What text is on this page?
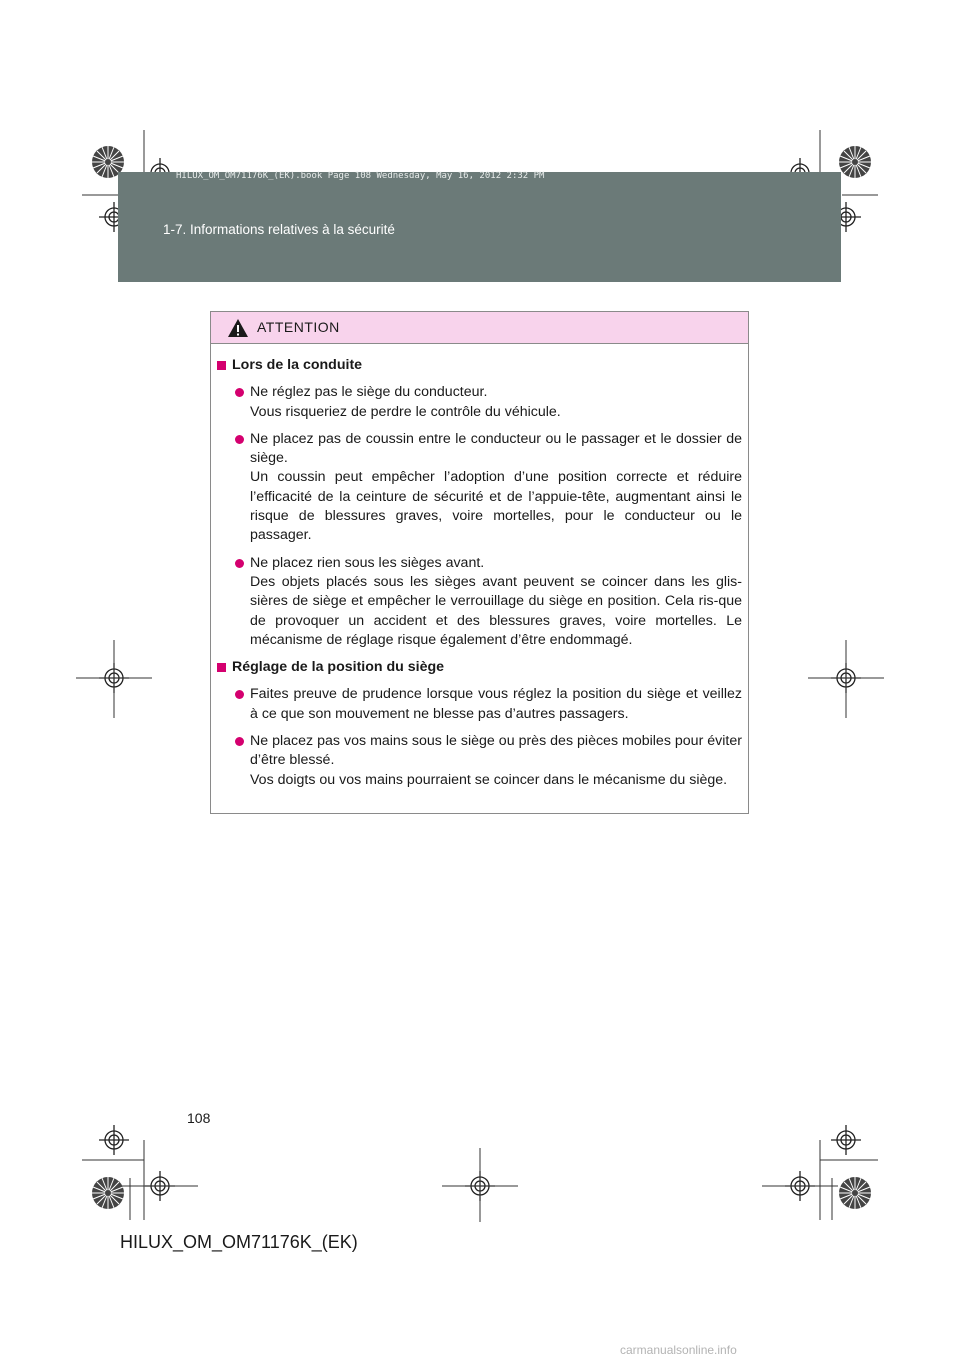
HILUX_OM_OM71176K_(EK).book Page 108 Wednesday, May 16, 2012 2:32 PM
1-7. Informations relatives à la sécurité
ATTENTION
Lors de la conduite
Ne réglez pas le siège du conducteur.
Vous risqueriez de perdre le contrôle du véhicule.
Ne placez pas de coussin entre le conducteur ou le passager et le dossier de siège.
Un coussin peut empêcher l’adoption d’une position correcte et réduire l’efficacité de la ceinture de sécurité et de l’appuie-tête, augmentant ainsi le risque de blessures graves, voire mortelles, pour le conducteur ou le passager.
Ne placez rien sous les sièges avant.
Des objets placés sous les sièges avant peuvent se coincer dans les glis-sières de siège et empêcher le verrouillage du siège en position. Cela ris-que de provoquer un accident et des blessures graves, voire mortelles. Le mécanisme de réglage risque également d’être endommagé.
Réglage de la position du siège
Faites preuve de prudence lorsque vous réglez la position du siège et veillez à ce que son mouvement ne blesse pas d’autres passagers.
Ne placez pas vos mains sous le siège ou près des pièces mobiles pour éviter d’être blessé.
Vos doigts ou vos mains pourraient se coincer dans le mécanisme du siège.
108
HILUX_OM_OM71176K_(EK)
carmanualsonline.info
